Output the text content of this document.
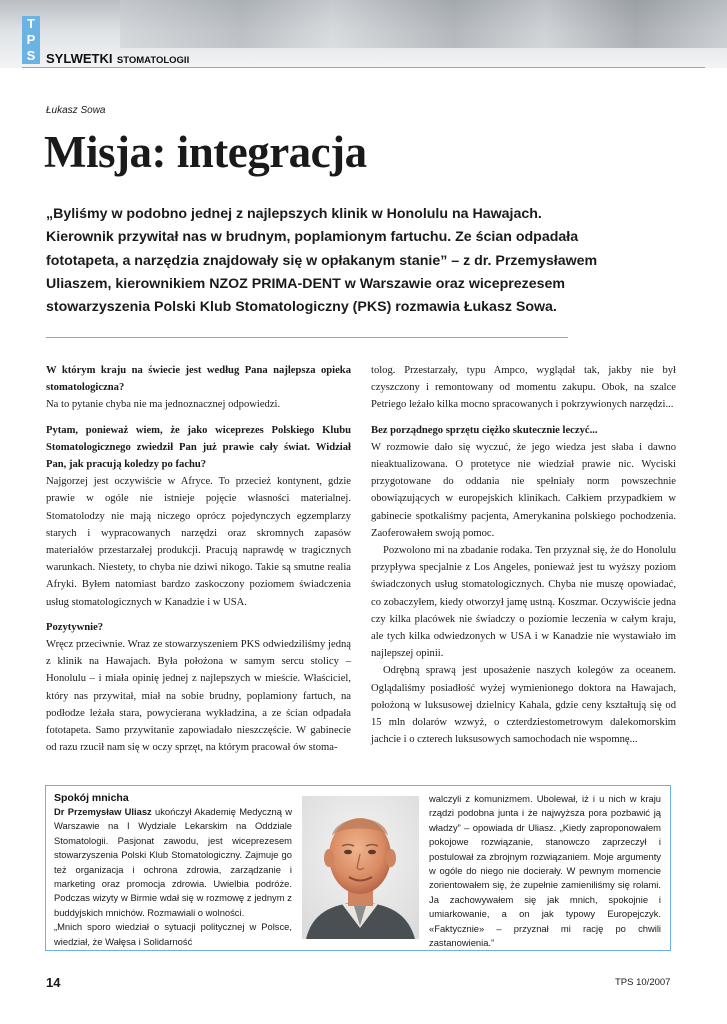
T
P
S SYLWETKI STOMATOLOGII
Łukasz Sowa
Misja: integracja
„Byliśmy w podobno jednej z najlepszych klinik w Honolulu na Hawajach. Kierownik przywitał nas w brudnym, poplamionym fartuchu. Ze ścian odpadała fototapeta, a narzędzia znajdowały się w opłakanym stanie” – z dr. Przemysławem Uliaszem, kierownikiem NZOZ PRIMA-DENT w Warszawie oraz wiceprezesem stowarzyszenia Polski Klub Stomatologiczny (PKS) rozmawia Łukasz Sowa.

W którym kraju na świecie jest według Pana najlepsza opieka stomatologiczna?

Na to pytanie chyba nie ma jednoznacznej odpowiedzi.

Pytam, ponieważ wiem, że jako wiceprezes Polskiego Klubu Stomatologicznego zwiedził Pan już prawie cały świat. Widział Pan, jak pracują koledzy po fachu?

Najgorzej jest oczywiście w Afryce. To przecież kontynent, gdzie prawie w ogóle nie istnieje pojęcie własności materialnej. Stomatolodzy nie mają niczego oprócz pojedynczych egzemplarzy starych i wypracowanych narzędzi oraz skromnych zapasów materiałów przestarzałej produkcji. Pracują naprawdę w tragicznych warunkach. Niestety, to chyba nie dziwi nikogo. Takie są smutne realia Afryki. Byłem natomiast bardzo zaskoczony poziomem świadczenia usług stomatologicznych w Kanadzie i w USA.

Pozytywnie?

Wręcz przeciwnie. Wraz ze stowarzyszeniem PKS odwiedziliśmy jedną z klinik na Hawajach. Była położona w samym sercu stolicy – Honolulu – i miała opinię jednej z najlepszych w mieście. Właściciel, który nas przywitał, miał na sobie brudny, poplamiony fartuch, na podłodze leżała stara, powycierana wykładzina, a ze ścian odpadała fototapeta. Samo przywitanie zapowiadało nieszczęście. W gabinecie od razu rzucił nam się w oczy sprzęt, na którym pracował ów stoma-

tolog. Przestarzały, typu Ampco, wyglądał tak, jakby nie był czyszczony i remontowany od momentu zakupu. Obok, na szalce Petriego leżało kilka mocno spracowanych i pokrzywionych narzędzi...

Bez porządnego sprzętu ciężko skutecznie leczyć...

W rozmowie dało się wyczuć, że jego wiedza jest słaba i dawno nieaktualizowana. O protetyce nie wiedział prawie nic. Wyciski przygotowane do oddania nie spełniały norm powszechnie obowiązujących w europejskich klinikach. Całkiem przypadkiem w gabinecie spotkaliśmy pacjenta, Amerykanina polskiego pochodzenia. Zaoferowałem swoją pomoc.

Pozwolono mi na zbadanie rodaka. Ten przyznał się, że do Honolulu przypływa specjalnie z Los Angeles, ponieważ jest tu wyższy poziom świadczonych usług stomatologicznych. Chyba nie muszę opowiadać, co zobaczyłem, kiedy otworzył jamę ustną. Koszmar. Oczywiście jedna czy kilka placówek nie świadczy o poziomie leczenia w całym kraju, ale tych kilka odwiedzonych w USA i w Kanadzie nie wystawiało im najlepszej opinii.

Odrębną sprawą jest uposażenie naszych kolegów za oceanem. Oglądaliśmy posiadłość wyżej wymienionego doktora na Hawajach, położoną w luksusowej dzielnicy Kahala, gdzie ceny kształtują się od 15 mln dolarów wzwyż, o czterdziestometrowym dalekomorskim jachcie i o czterech luksusowych samochodach nie wspomnę...

Spokój mnicha

Dr Przemysław Uliasz ukończył Akademię Medyczną w Warszawie na I Wydziale Lekarskim na Oddziale Stomatologii. Pasjonat zawodu, jest wiceprezesem stowarzyszenia Polski Klub Stomatologiczny. Zajmuje go też organizacja i ochrona zdrowia, zarządzanie i marketing oraz promocja zdrowia. Uwielbia podróże. Podczas wizyty w Birmie wdał się w rozmowę z jednym z buddyjskich mnichów. Rozmawiali o wolności.

„Mnich sporo wiedział o sytuacji politycznej w Polsce, wiedział, że Wałęsa i Solidarność

walczyli z komunizmem. Ubolewał, iż i u nich w kraju rządzi podobna junta i że najwyższa pora pozbawić ją władzy” – opowiada dr Uliasz. „Kiedy zaproponowałem pokojowe rozwiązanie, stanowczo zaprzeczył i postulował za zbrojnym rozwiązaniem. Moje argumenty w ogóle do niego nie docierały. W pewnym momencie zorientowałem się, że zupełnie zamieniliśmy się rolami. Ja zachowywałem się jak mnich, spokojnie i umiarkowanie, a on jak typowy Europejczyk. «Faktycznie» – przyznał mi rację po chwili zastanowienia.”

14	TPS 10/2007
